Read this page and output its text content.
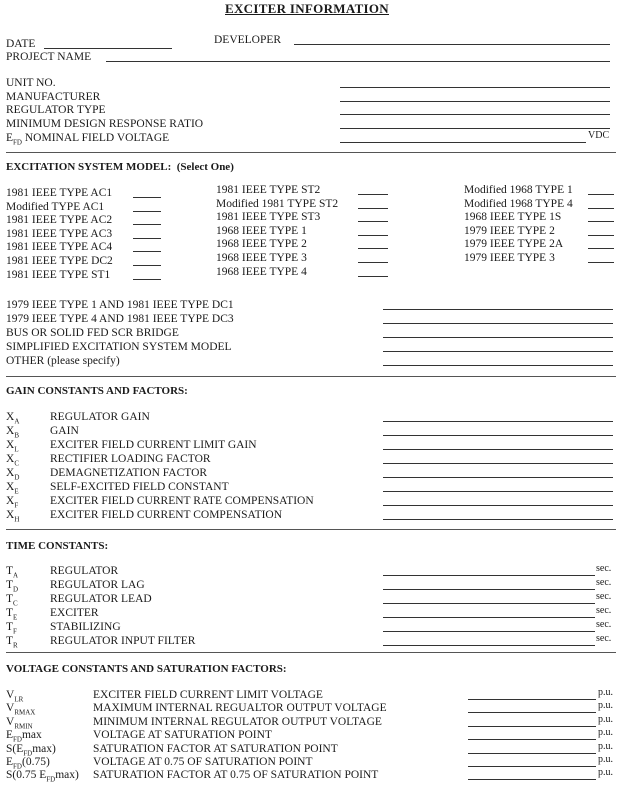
EXCITER INFORMATION
DATE	DEVELOPER
PROJECT NAME
UNIT NO.
MANUFACTURER
REGULATOR TYPE
MINIMUM DESIGN RESPONSE RATIO
$E_{FD}$ NOMINAL FIELD VOLTAGE	VDC
EXCITATION SYSTEM MODEL: (Select One)
1981 IEEE TYPE AC1
Modified TYPE AC1
1981 IEEE TYPE AC2
1981 IEEE TYPE AC3
1981 IEEE TYPE AC4
1981 IEEE TYPE DC2
1981 IEEE TYPE ST1
1981 IEEE TYPE ST2
Modified 1981 TYPE ST2
1981 IEEE TYPE ST3
1968 IEEE TYPE 1
1968 IEEE TYPE 2
1968 IEEE TYPE 3
1968 IEEE TYPE 4
Modified 1968 TYPE 1
Modified 1968 TYPE 4
1968 IEEE TYPE 1S
1979 IEEE TYPE 2
1979 IEEE TYPE 2A
1979 IEEE TYPE 3
1979 IEEE TYPE 1 AND 1981 IEEE TYPE DC1
1979 IEEE TYPE 4 AND 1981 IEEE TYPE DC3
BUS OR SOLID FED SCR BRIDGE
SIMPLIFIED EXCITATION SYSTEM MODEL
OTHER (please specify)
GAIN CONSTANTS AND FACTORS:
$X_A$	REGULATOR GAIN
$X_B$	GAIN
$X_L$	EXCITER FIELD CURRENT LIMIT GAIN
$X_C$	RECTIFIER LOADING FACTOR
$X_D$	DEMAGNETIZATION FACTOR
$X_E$	SELF-EXCITED FIELD CONSTANT
$X_F$	EXCITER FIELD CURRENT RATE COMPENSATION
$X_H$	EXCITER FIELD CURRENT COMPENSATION
TIME CONSTANTS:
$T_A$	REGULATOR	sec.
$T_D$	REGULATOR LAG	sec.
$T_C$	REGULATOR LEAD	sec.
$T_E$	EXCITER	sec.
$T_F$	STABILIZING	sec.
$T_R$	REGULATOR INPUT FILTER	sec.
VOLTAGE CONSTANTS AND SATURATION FACTORS:
$V_{LR}$	EXCITER FIELD CURRENT LIMIT VOLTAGE	p.u.
$V_{RMAX}$	MAXIMUM INTERNAL REGUALTOR OUTPUT VOLTAGE	p.u.
$V_{RMIN}$	MINIMUM INTERNAL REGULATOR OUTPUT VOLTAGE	p.u.
$E_{FD}\max$	VOLTAGE AT SATURATION POINT	p.u.
$S(E_{FD}\max)$	SATURATION FACTOR AT SATURATION POINT	p.u.
$E_{FD}(0.75)$	VOLTAGE AT 0.75 OF SATURATION POINT	p.u.
S(0.75 $E_{FD}\max$) SATURATION FACTOR AT 0.75 OF SATURATION POINT	p.u.
